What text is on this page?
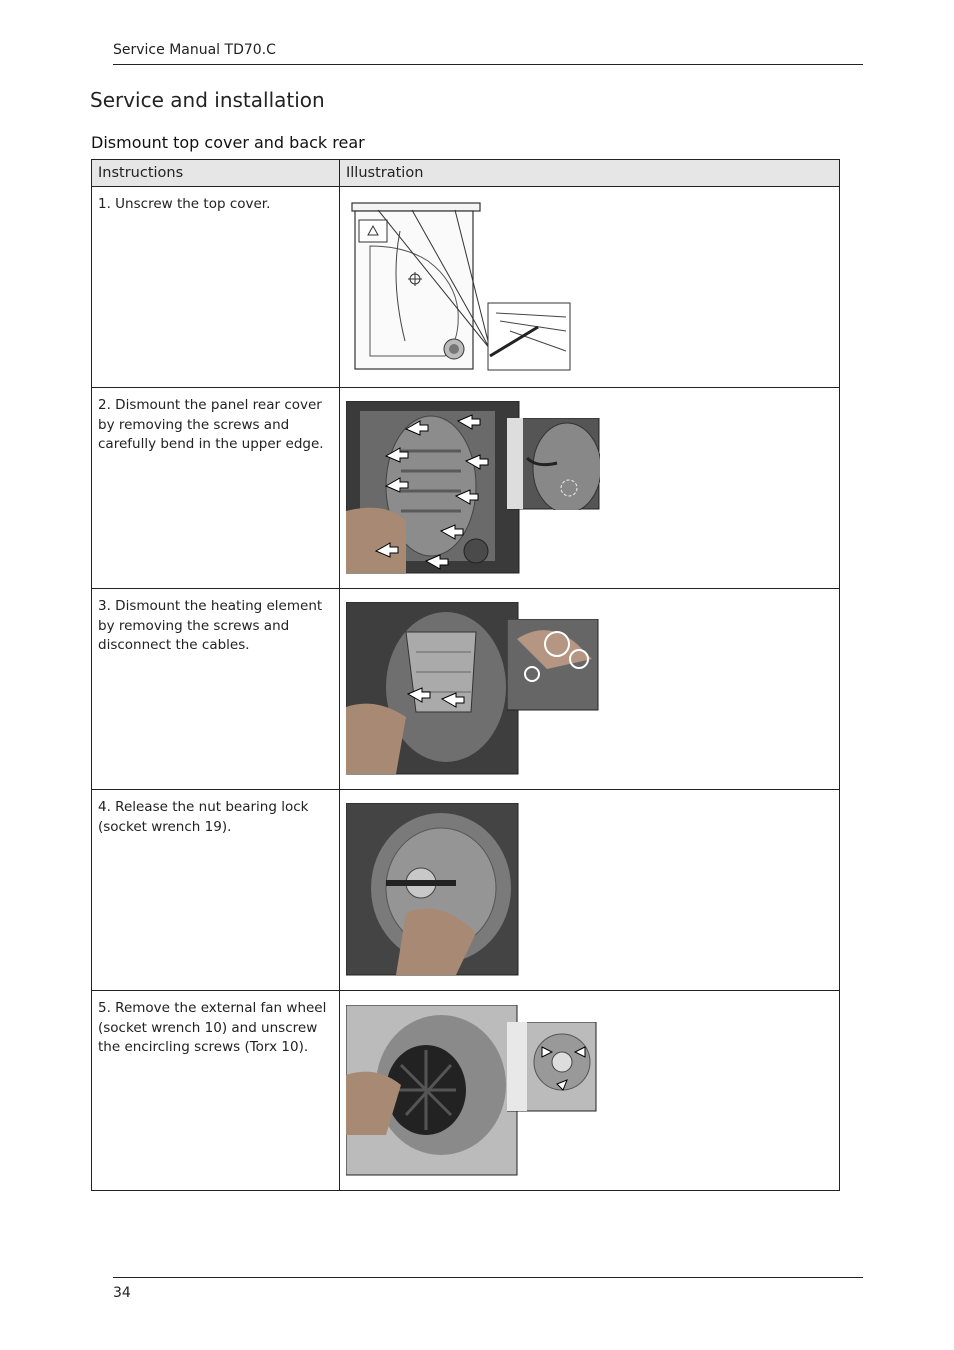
Service Manual TD70.C
Service and installation
Dismount top cover and back rear
Instructions	Illustration
1. Unscrew the top cover.
2. Dismount the panel rear cover by removing the screws and carefully bend in the upper edge.
3. Dismount the heating element by removing the screws and disconnect the cables.
4. Release the nut bearing lock (socket wrench 19).
5. Remove the external fan wheel (socket wrench 10) and unscrew the encircling screws (Torx 10).
34
